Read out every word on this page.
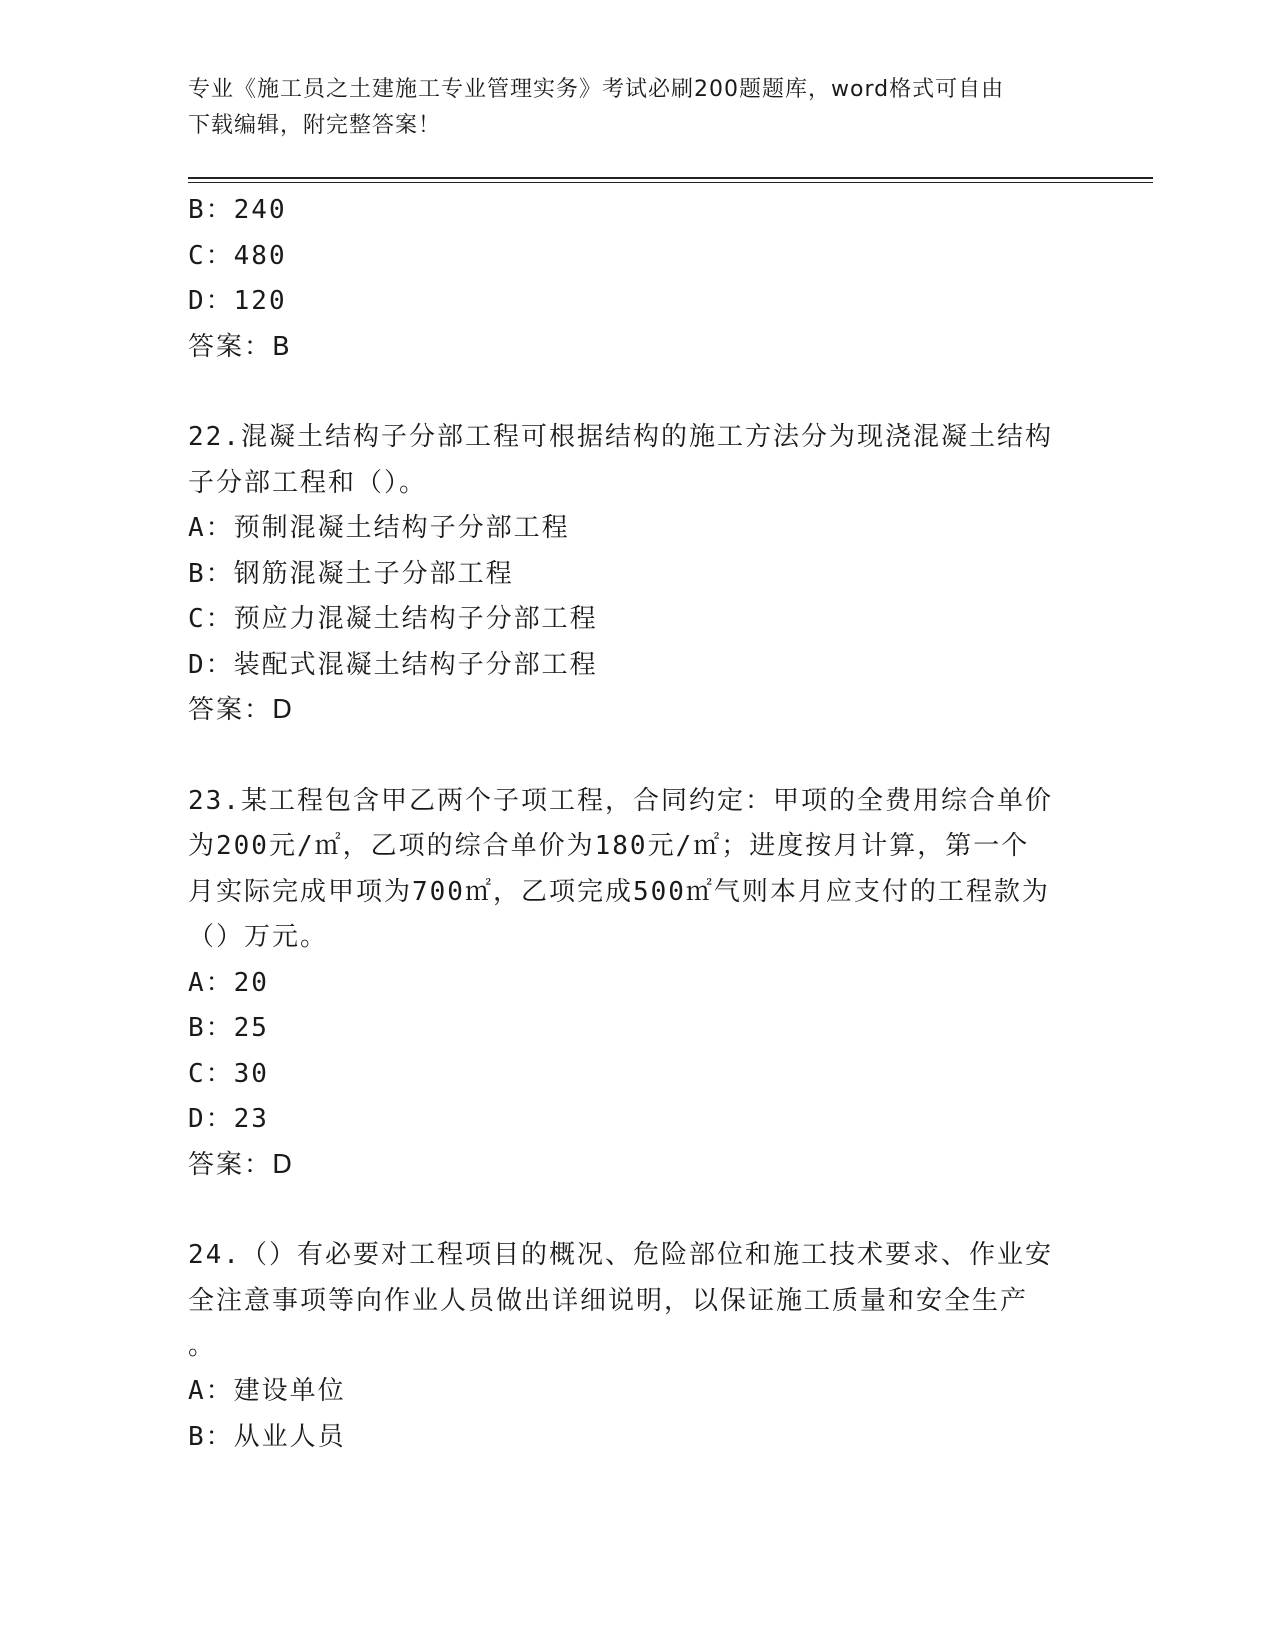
专业《施工员之土建施工专业管理实务》考试必刷200题题库，word格式可自由
下载编辑，附完整答案！
B：240
C：480
D：120
答案：B
22.混凝土结构子分部工程可根据结构的施工方法分为现浇混凝土结构
子分部工程和（）。
A：预制混凝土结构子分部工程
B：钢筋混凝土子分部工程
C：预应力混凝土结构子分部工程
D：装配式混凝土结构子分部工程
答案：D
23.某工程包含甲乙两个子项工程，合同约定：甲项的全费用综合单价
为200元/㎡，乙项的综合单价为180元/㎡；进度按月计算，第一个
月实际完成甲项为700㎡，乙项完成500㎡气则本月应支付的工程款为
（）万元。
A：20
B：25
C：30
D：23
答案：D
24.（）有必要对工程项目的概况、危险部位和施工技术要求、作业安
全注意事项等向作业人员做出详细说明，以保证施工质量和安全生产
。
A：建设单位
B：从业人员
